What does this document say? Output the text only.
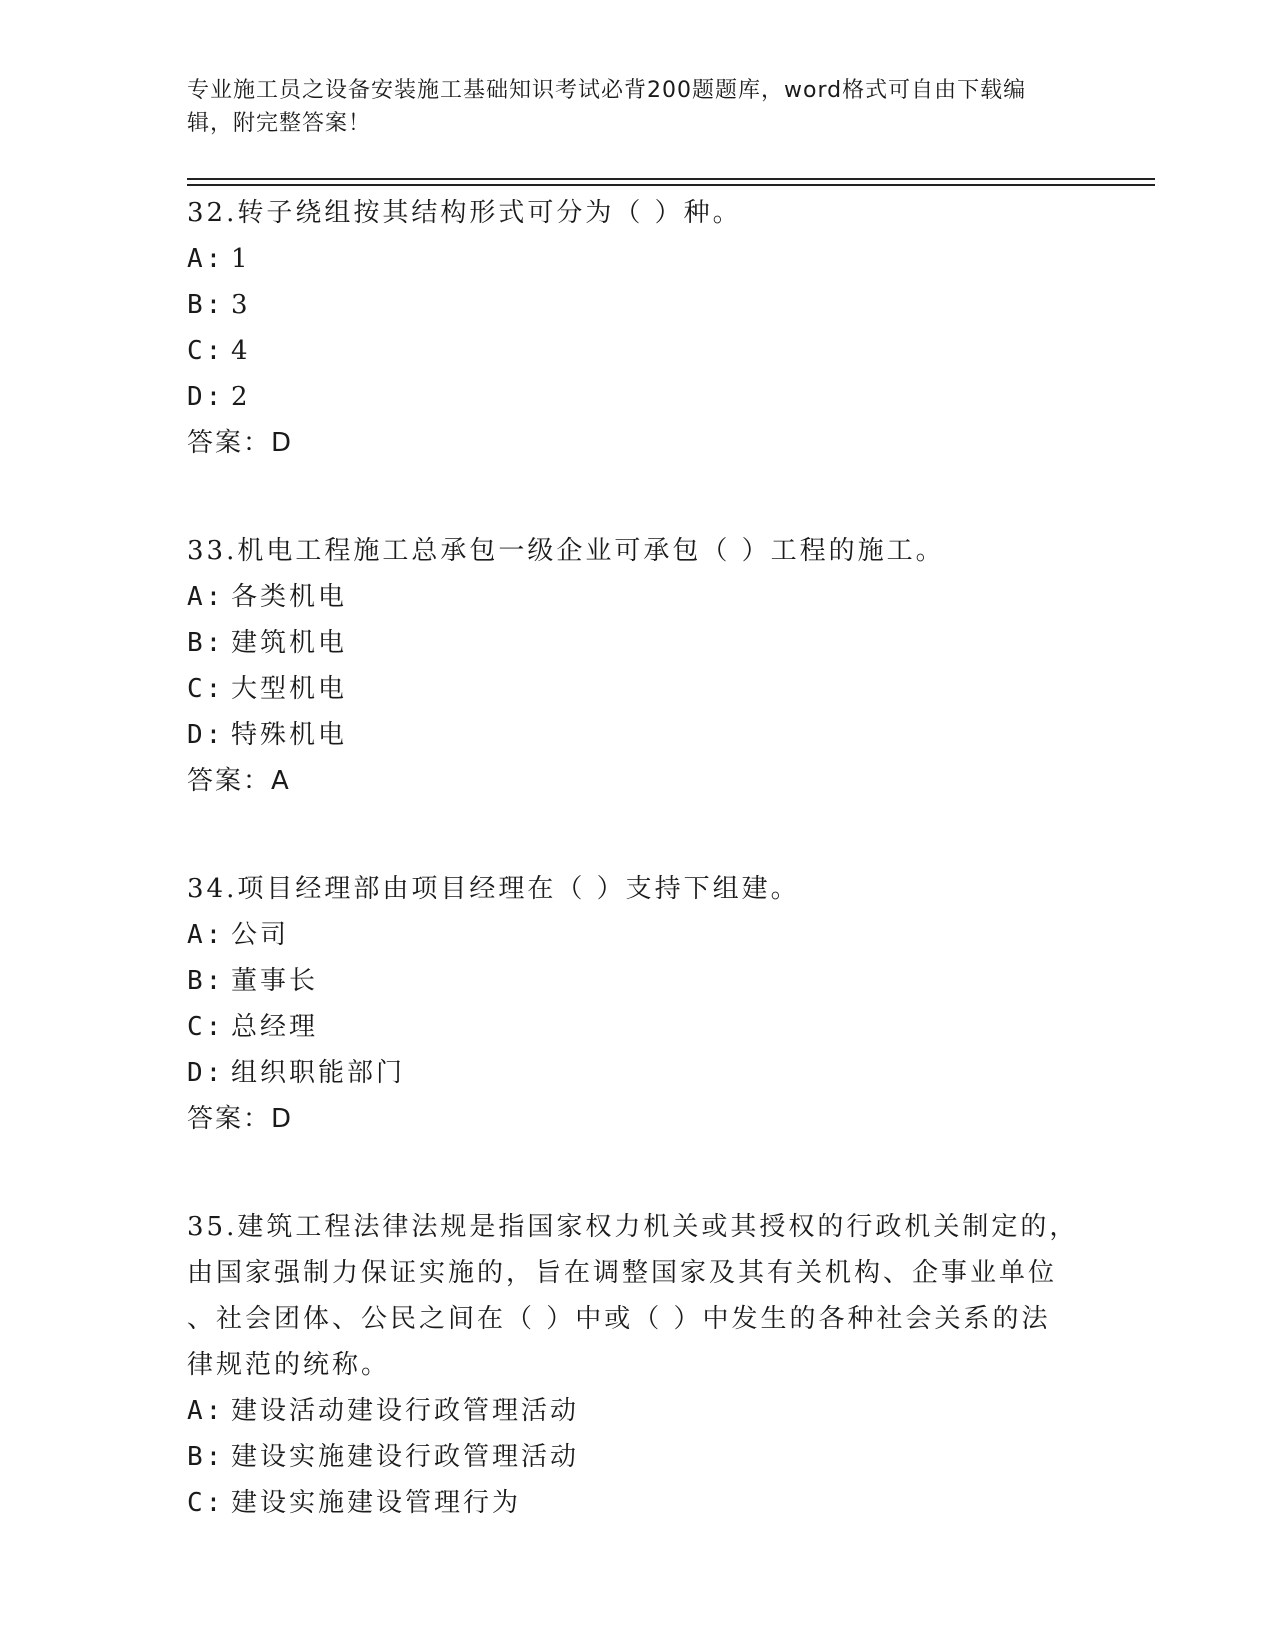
专业施工员之设备安装施工基础知识考试必背200题题库，word格式可自由下载编辑，附完整答案！
32.转子绕组按其结构形式可分为（ ）种。
A: 1
B: 3
C: 4
D: 2
答案：D
33.机电工程施工总承包一级企业可承包（ ）工程的施工。
A: 各类机电
B: 建筑机电
C: 大型机电
D: 特殊机电
答案：A
34.项目经理部由项目经理在（ ）支持下组建。
A: 公司
B: 董事长
C: 总经理
D: 组织职能部门
答案：D
35.建筑工程法律法规是指国家权力机关或其授权的行政机关制定的，
由国家强制力保证实施的，旨在调整国家及其有关机构、企事业单位
、社会团体、公民之间在（ ）中或（ ）中发生的各种社会关系的法
律规范的统称。
A: 建设活动建设行政管理活动
B: 建设实施建设行政管理活动
C: 建设实施建设管理行为
